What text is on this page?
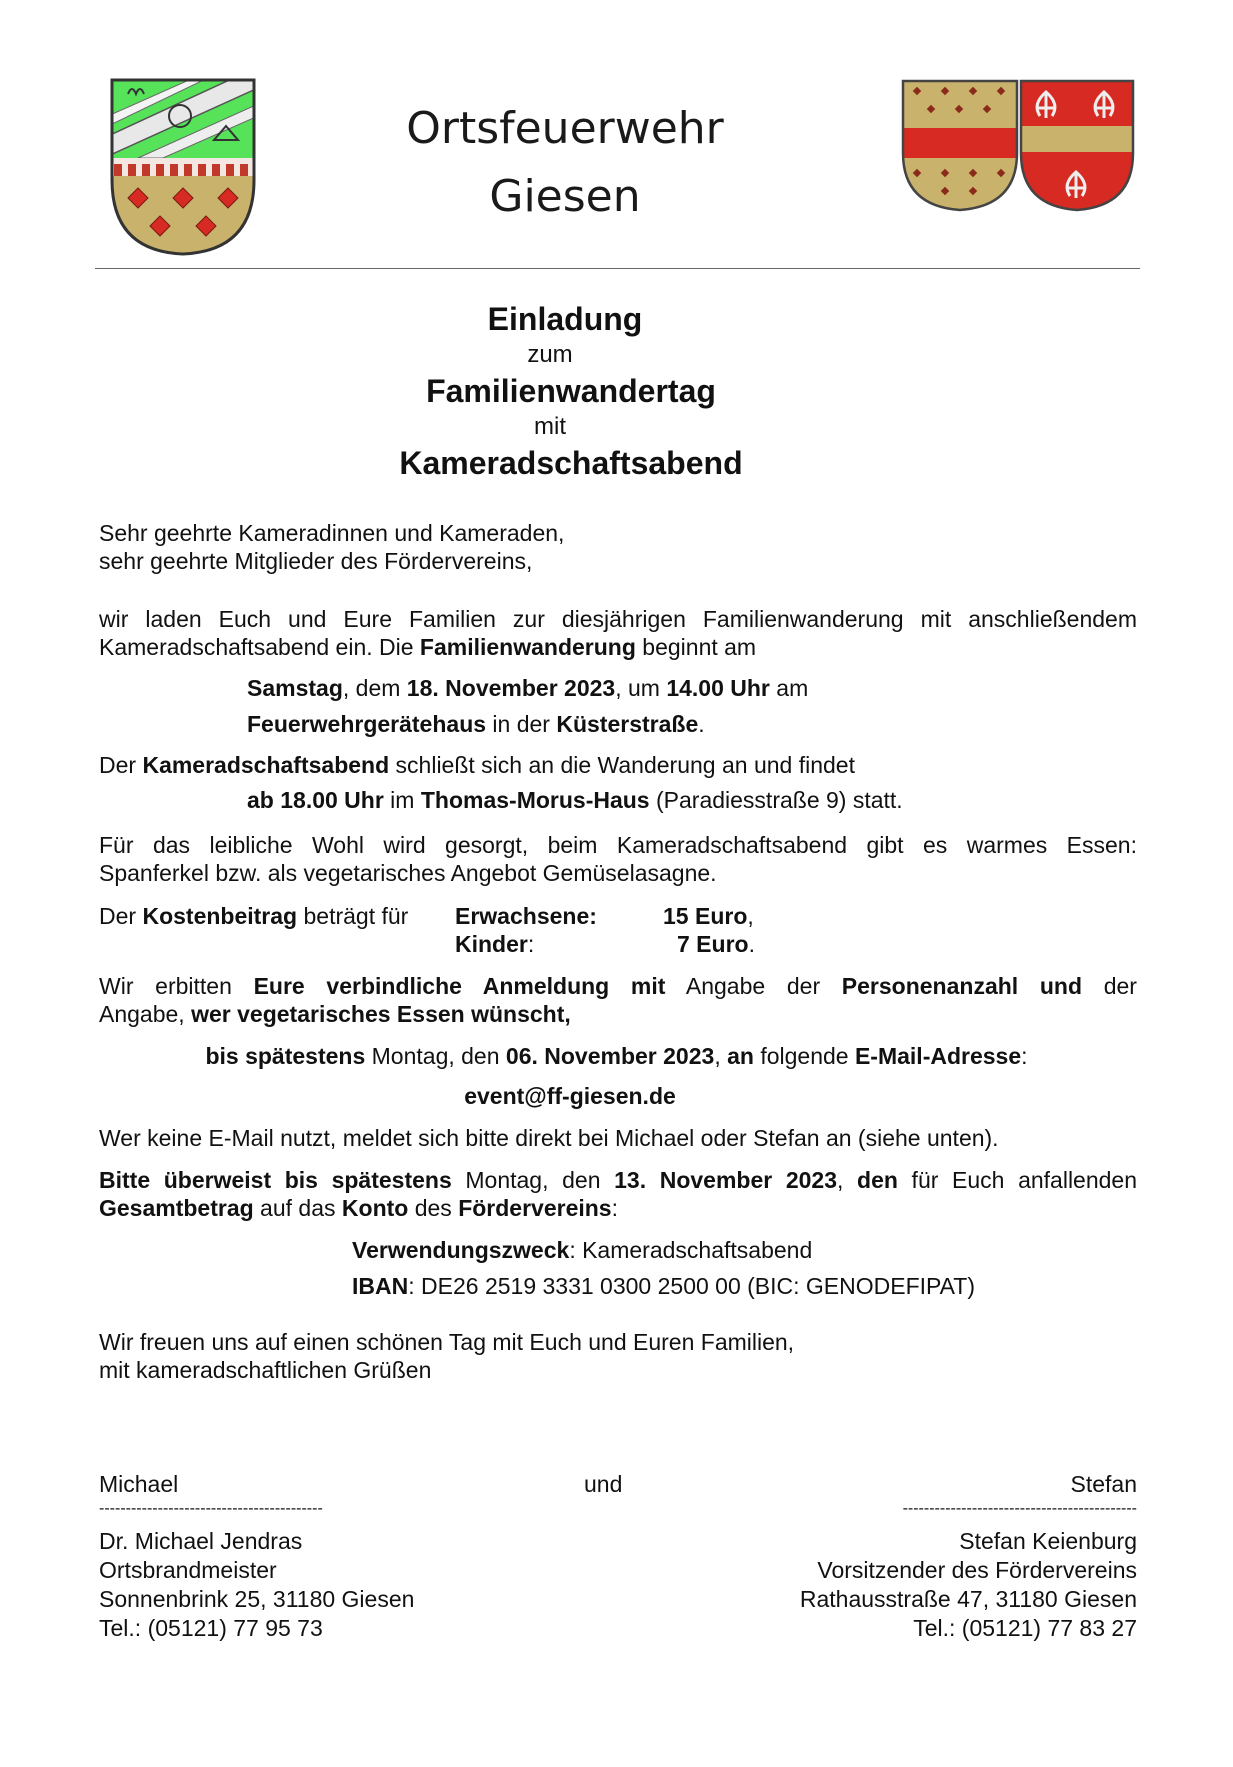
Ortsfeuerwehr
Giesen
Einladung
zum
Familienwandertag
mit
Kameradschaftsabend
Sehr geehrte Kameradinnen und Kameraden,
sehr geehrte Mitglieder des Fördervereins,
wir laden Euch und Eure Familien zur diesjährigen Familienwanderung mit anschließendem
Kameradschaftsabend ein. Die Familienwanderung beginnt am
Samstag, dem 18. November 2023, um 14.00 Uhr am
Feuerwehrgerätehaus in der Küsterstraße.
Der Kameradschaftsabend schließt sich an die Wanderung an und findet
ab 18.00 Uhr im Thomas-Morus-Haus (Paradiesstraße 9) statt.
Für das leibliche Wohl wird gesorgt, beim Kameradschaftsabend gibt es warmes Essen:
Spanferkel bzw. als vegetarisches Angebot Gemüselasagne.
Der Kostenbeitrag beträgt für Erwachsene:	15 Euro,
Kinder:	7 Euro.
Wir erbitten Eure verbindliche Anmeldung mit Angabe der Personenanzahl und der
Angabe, wer vegetarisches Essen wünscht,
bis spätestens Montag, den 06. November 2023, an folgende E-Mail-Adresse:
event@ff-giesen.de
Wer keine E-Mail nutzt, meldet sich bitte direkt bei Michael oder Stefan an (siehe unten).
Bitte überweist bis spätestens Montag, den 13. November 2023, den für Euch anfallenden
Gesamtbetrag auf das Konto des Fördervereins:
Verwendungszweck: Kameradschaftsabend
IBAN: DE26 2519 3331 0300 2500 00 (BIC: GENODEFIPAT)
Wir freuen uns auf einen schönen Tag mit Euch und Euren Familien,
mit kameradschaftlichen Grüßen
Michael	und	Stefan
------------------------------------------	--------------------------------------------
Dr. Michael Jendras
Ortsbrandmeister
Sonnenbrink 25, 31180 Giesen
Tel.: (05121) 77 95 73
Stefan Keienburg
Vorsitzender des Fördervereins
Rathausstraße 47, 31180 Giesen
Tel.: (05121) 77 83 27
